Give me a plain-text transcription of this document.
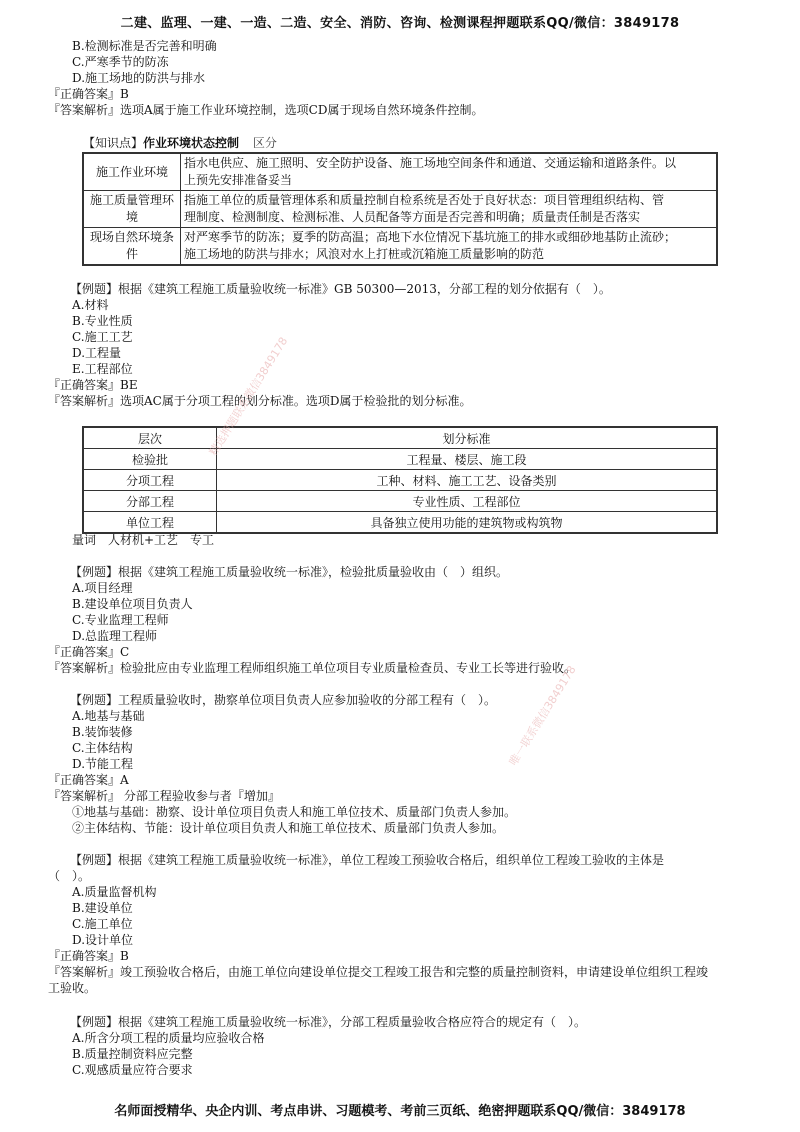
二建、监理、一建、一造、二造、安全、消防、咨询、检测课程押题联系QQ/微信：3849178
B.检测标准是否完善和明确
C.严寒季节的防冻
D.施工场地的防洪与排水
『正确答案』B
『答案解析』选项A属于施工作业环境控制，选项CD属于现场自然环境条件控制。
【知识点】作业环境状态控制 区分
施工作业环境	指水电供应、施工照明、安全防护设备、施工场地空间条件和通道、交通运输和道路条件。以
上预先安排准备妥当
施工质量管理环境	指施工单位的质量管理体系和质量控制自检系统是否处于良好状态：项目管理组织结构、管
理制度、检测制度、检测标准、人员配备等方面是否完善和明确；质量责任制是否落实
现场自然环境条件	对严寒季节的防冻；夏季的防高温；高地下水位情况下基坑施工的排水或细砂地基防止流砂；
施工场地的防洪与排水；风浪对水上打桩或沉箱施工质量影响的防范
【例题】根据《建筑工程施工质量验收统一标准》GB 50300—2013，分部工程的划分依据有（　）。
A.材料
B.专业性质
C.施工工艺
D.工程量
E.工程部位
『正确答案』BE
『答案解析』选项AC属于分项工程的划分标准。选项D属于检验批的划分标准。
层次	划分标准
检验批	工程量、楼层、施工段
分项工程	工种、材料、施工工艺、设备类别
分部工程	专业性质、工程部位
单位工程	具备独立使用功能的建筑物或构筑物
量词　人材机+工艺　专工
【例题】根据《建筑工程施工质量验收统一标准》，检验批质量验收由（　）组织。
A.项目经理
B.建设单位项目负责人
C.专业监理工程师
D.总监理工程师
『正确答案』C
『答案解析』检验批应由专业监理工程师组织施工单位项目专业质量检查员、专业工长等进行验收。
【例题】工程质量验收时，勘察单位项目负责人应参加验收的分部工程有（　）。
A.地基与基础
B.装饰装修
C.主体结构
D.节能工程
『正确答案』A
『答案解析』 分部工程验收参与者『增加』
①地基与基础：勘察、设计单位项目负责人和施工单位技术、质量部门负责人参加。
②主体结构、节能：设计单位项目负责人和施工单位技术、质量部门负责人参加。
【例题】根据《建筑工程施工质量验收统一标准》，单位工程竣工预验收合格后，组织单位工程竣工验收的主体是
（　）。
A.质量监督机构
B.建设单位
C.施工单位
D.设计单位
『正确答案』B
『答案解析』竣工预验收合格后，由施工单位向建设单位提交工程竣工报告和完整的质量控制资料，申请建设单位组织工程竣
工验收。
【例题】根据《建筑工程施工质量验收统一标准》，分部工程质量验收合格应符合的规定有（　）。
A.所含分项工程的质量均应验收合格
B.质量控制资料应完整
C.观感质量应符合要求
精选押题联系微信3849178
唯一联系微信3849178
名师面授精华、央企内训、考点串讲、习题模考、考前三页纸、绝密押题联系QQ/微信：3849178
